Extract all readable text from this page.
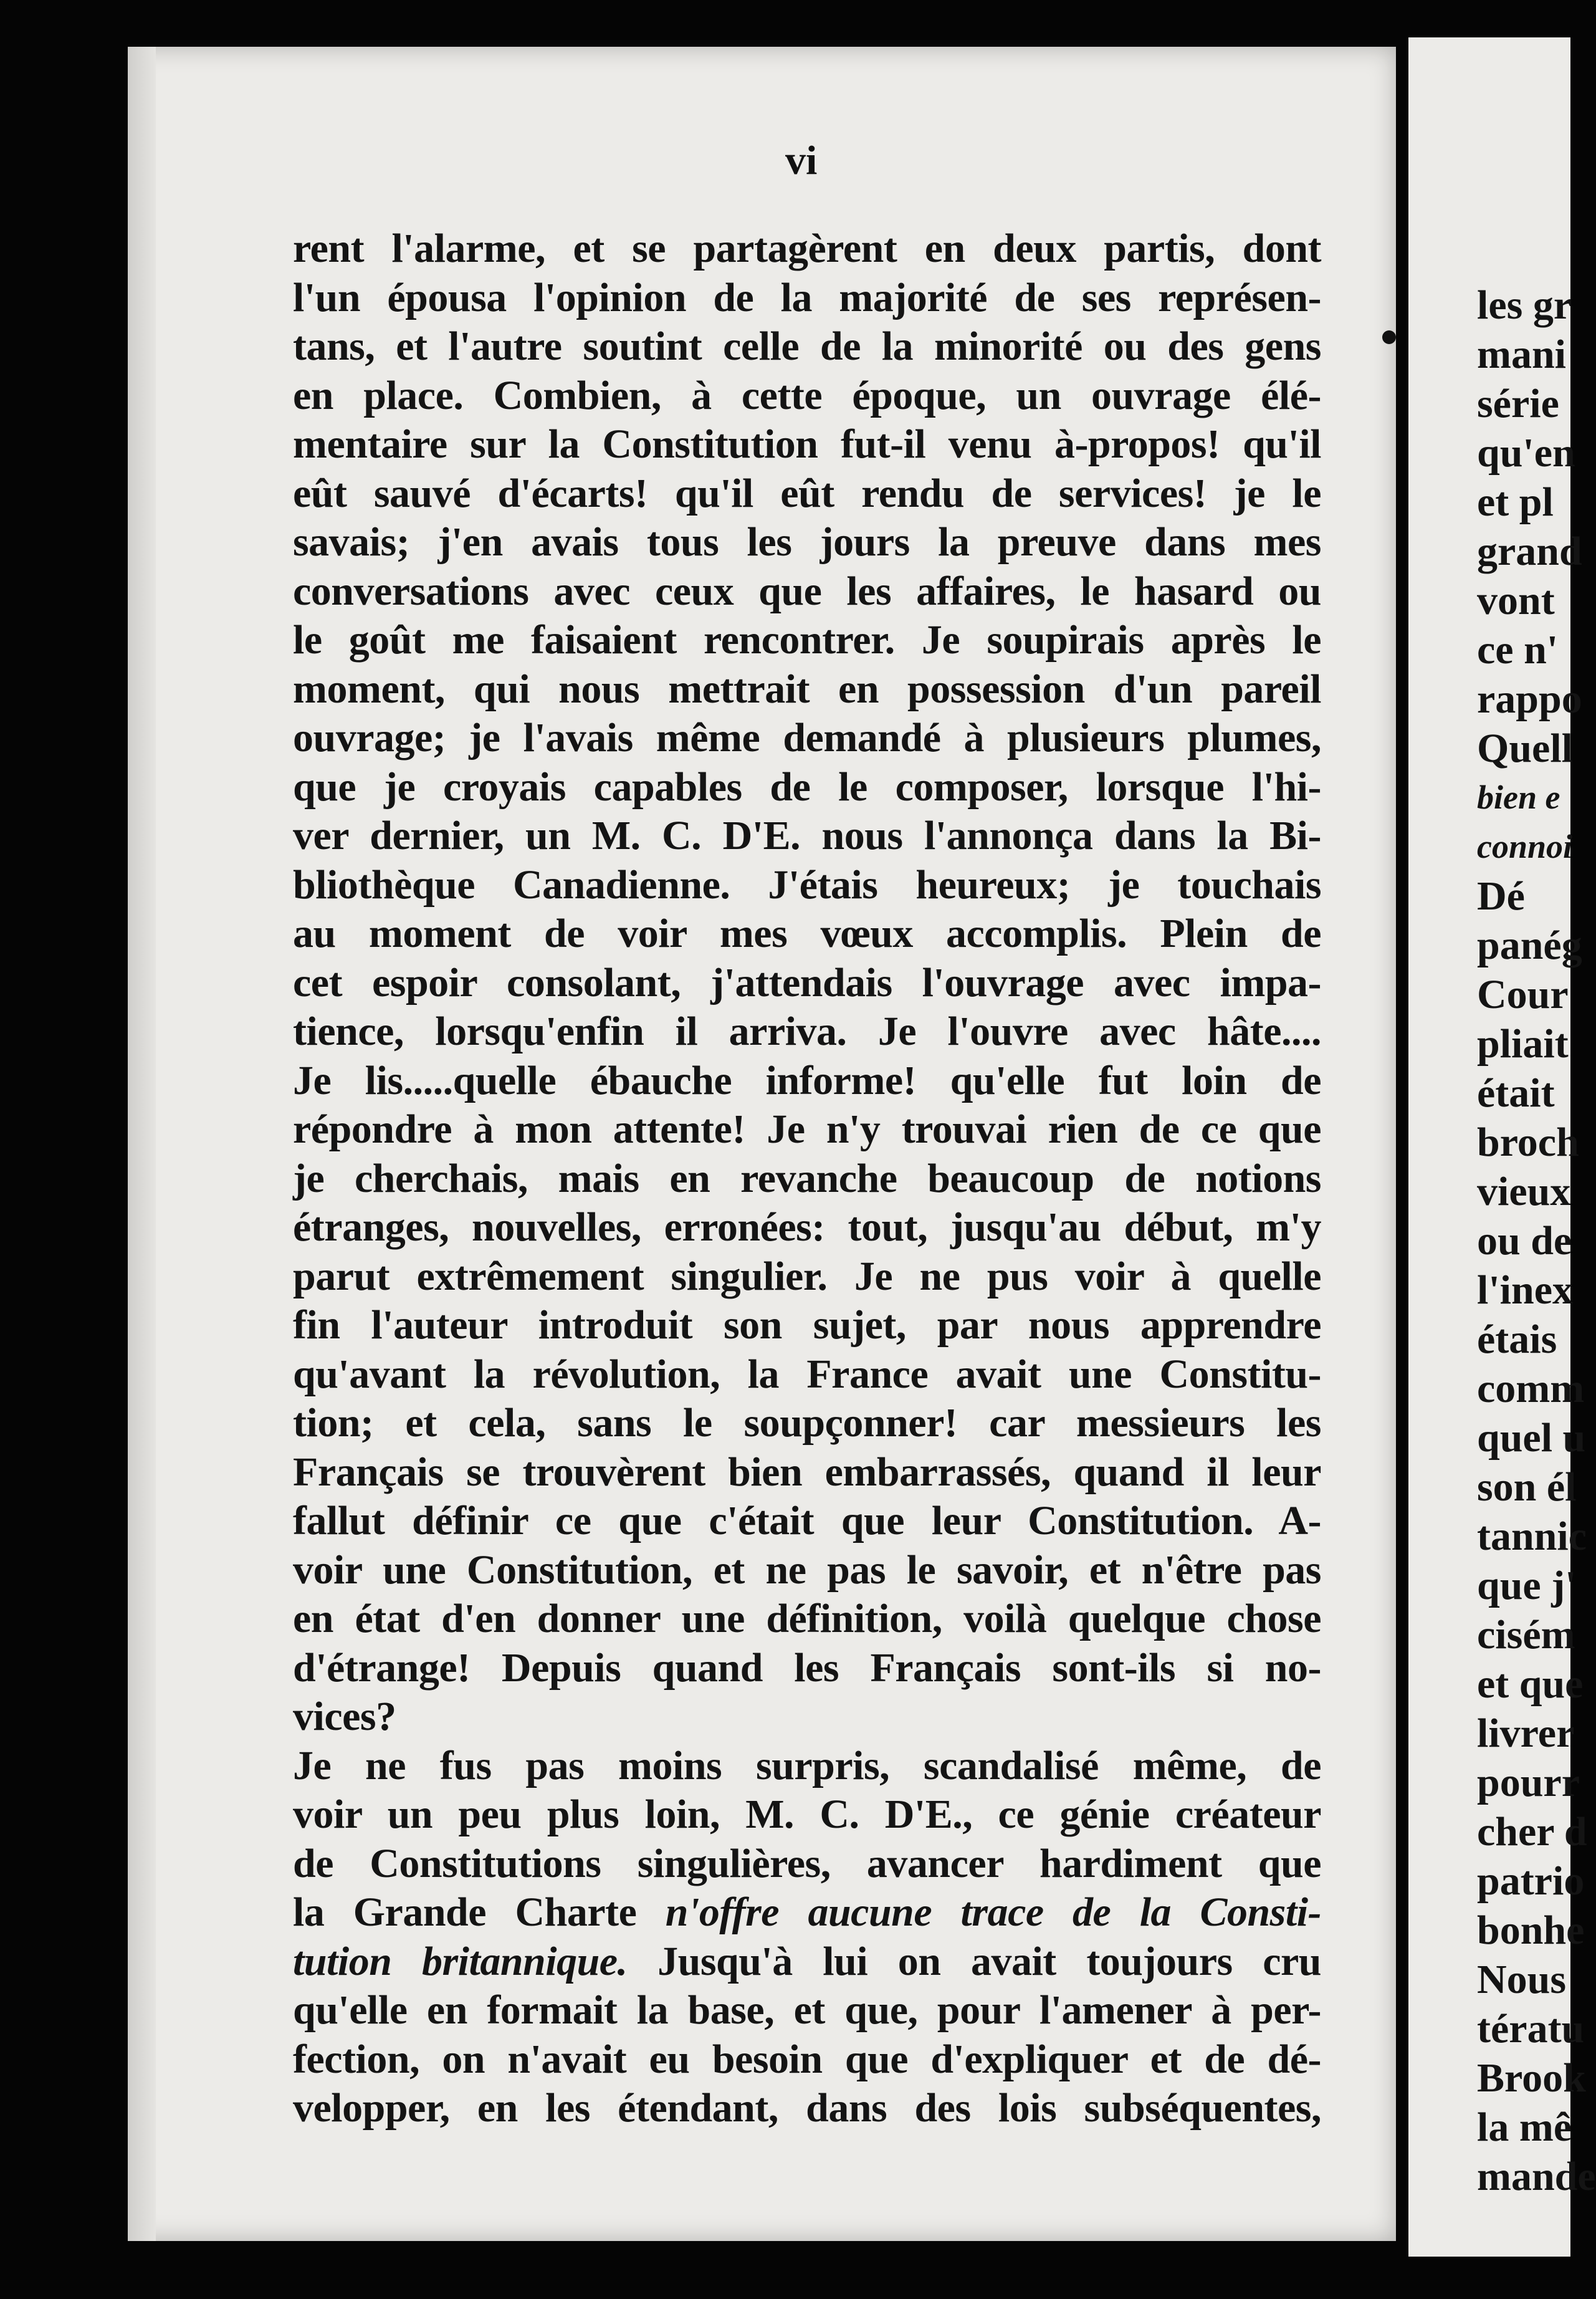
vi
rent l'alarme, et se partagèrent en deux partis, dont
l'un épousa l'opinion de la majorité de ses représen-
tans, et l'autre soutint celle de la minorité ou des gens
en place. Combien, à cette époque, un ouvrage élé-
mentaire sur la Constitution fut-il venu à-propos! qu'il
eût sauvé d'écarts! qu'il eût rendu de services! je le
savais; j'en avais tous les jours la preuve dans mes
conversations avec ceux que les affaires, le hasard ou
le goût me faisaient rencontrer. Je soupirais après le
moment, qui nous mettrait en possession d'un pareil
ouvrage; je l'avais même demandé à plusieurs plumes,
que je croyais capables de le composer, lorsque l'hi-
ver dernier, un M. C. D'E. nous l'annonça dans la Bi-
bliothèque Canadienne. J'étais heureux; je touchais
au moment de voir mes vœux accomplis. Plein de
cet espoir consolant, j'attendais l'ouvrage avec impa-
tience, lorsqu'enfin il arriva. Je l'ouvre avec hâte....
Je lis.....quelle ébauche informe! qu'elle fut loin de
répondre à mon attente! Je n'y trouvai rien de ce que
je cherchais, mais en revanche beaucoup de notions
étranges, nouvelles, erronées: tout, jusqu'au début, m'y
parut extrêmement singulier. Je ne pus voir à quelle
fin l'auteur introduit son sujet, par nous apprendre
qu'avant la révolution, la France avait une Constitu-
tion; et cela, sans le soupçonner! car messieurs les
Français se trouvèrent bien embarrassés, quand il leur
fallut définir ce que c'était que leur Constitution. A-
voir une Constitution, et ne pas le savoir, et n'être pas
en état d'en donner une définition, voilà quelque chose
d'étrange! Depuis quand les Français sont-ils si no-
vices?
Je ne fus pas moins surpris, scandalisé même, de
voir un peu plus loin, M. C. D'E., ce génie créateur
de Constitutions singulières, avancer hardiment que
la Grande Charte n'offre aucune trace de la Consti-
tution britannique. Jusqu'à lui on avait toujours cru
qu'elle en formait la base, et que, pour l'amener à per-
fection, on n'avait eu besoin que d'expliquer et de dé-
velopper, en les étendant, dans des lois subséquentes,
les gr
mani
série
qu'en
et pl
grand
vont
ce n'
rappo
Quell
bien e
connoi
Dé
panég
Cour
pliait
était
broch
vieux
ou de
l'inex
étais
comm
quel u
son él
tannic
que j'
cisém
et que
livrer
pourr
cher d
patrio
bonhe
Nous
tératu
Brook
la mê
mande
